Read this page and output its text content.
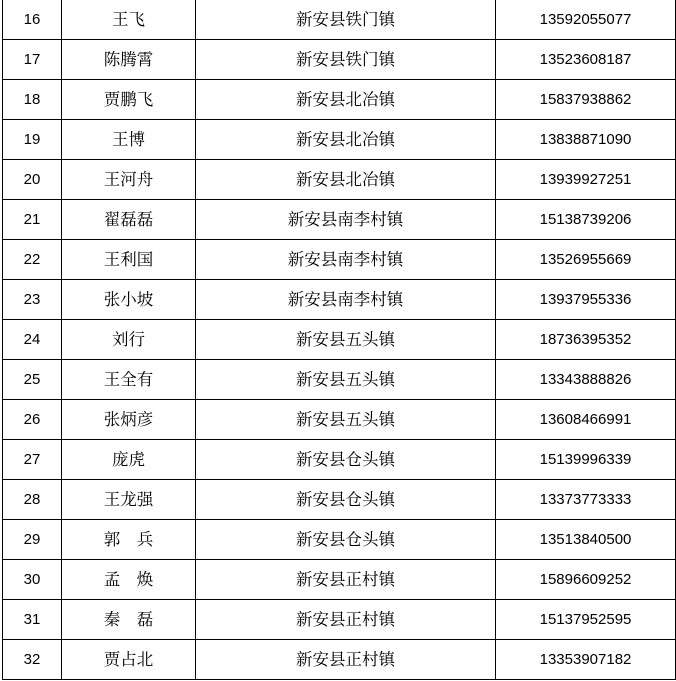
16	王飞	新安县铁门镇	13592055077
17	陈腾霄	新安县铁门镇	13523608187
18	贾鹏飞	新安县北冶镇	15837938862
19	王博	新安县北冶镇	13838871090
20	王河舟	新安县北冶镇	13939927251
21	翟磊磊	新安县南李村镇	15138739206
22	王利国	新安县南李村镇	13526955669
23	张小坡	新安县南李村镇	13937955336
24	刘行	新安县五头镇	18736395352
25	王全有	新安县五头镇	13343888826
26	张炳彦	新安县五头镇	13608466991
27	庞虎	新安县仓头镇	15139996339
28	王龙强	新安县仓头镇	13373773333
29	郭　兵	新安县仓头镇	13513840500
30	孟　焕	新安县正村镇	15896609252
31	秦　磊	新安县正村镇	15137952595
32	贾占北	新安县正村镇	13353907182
